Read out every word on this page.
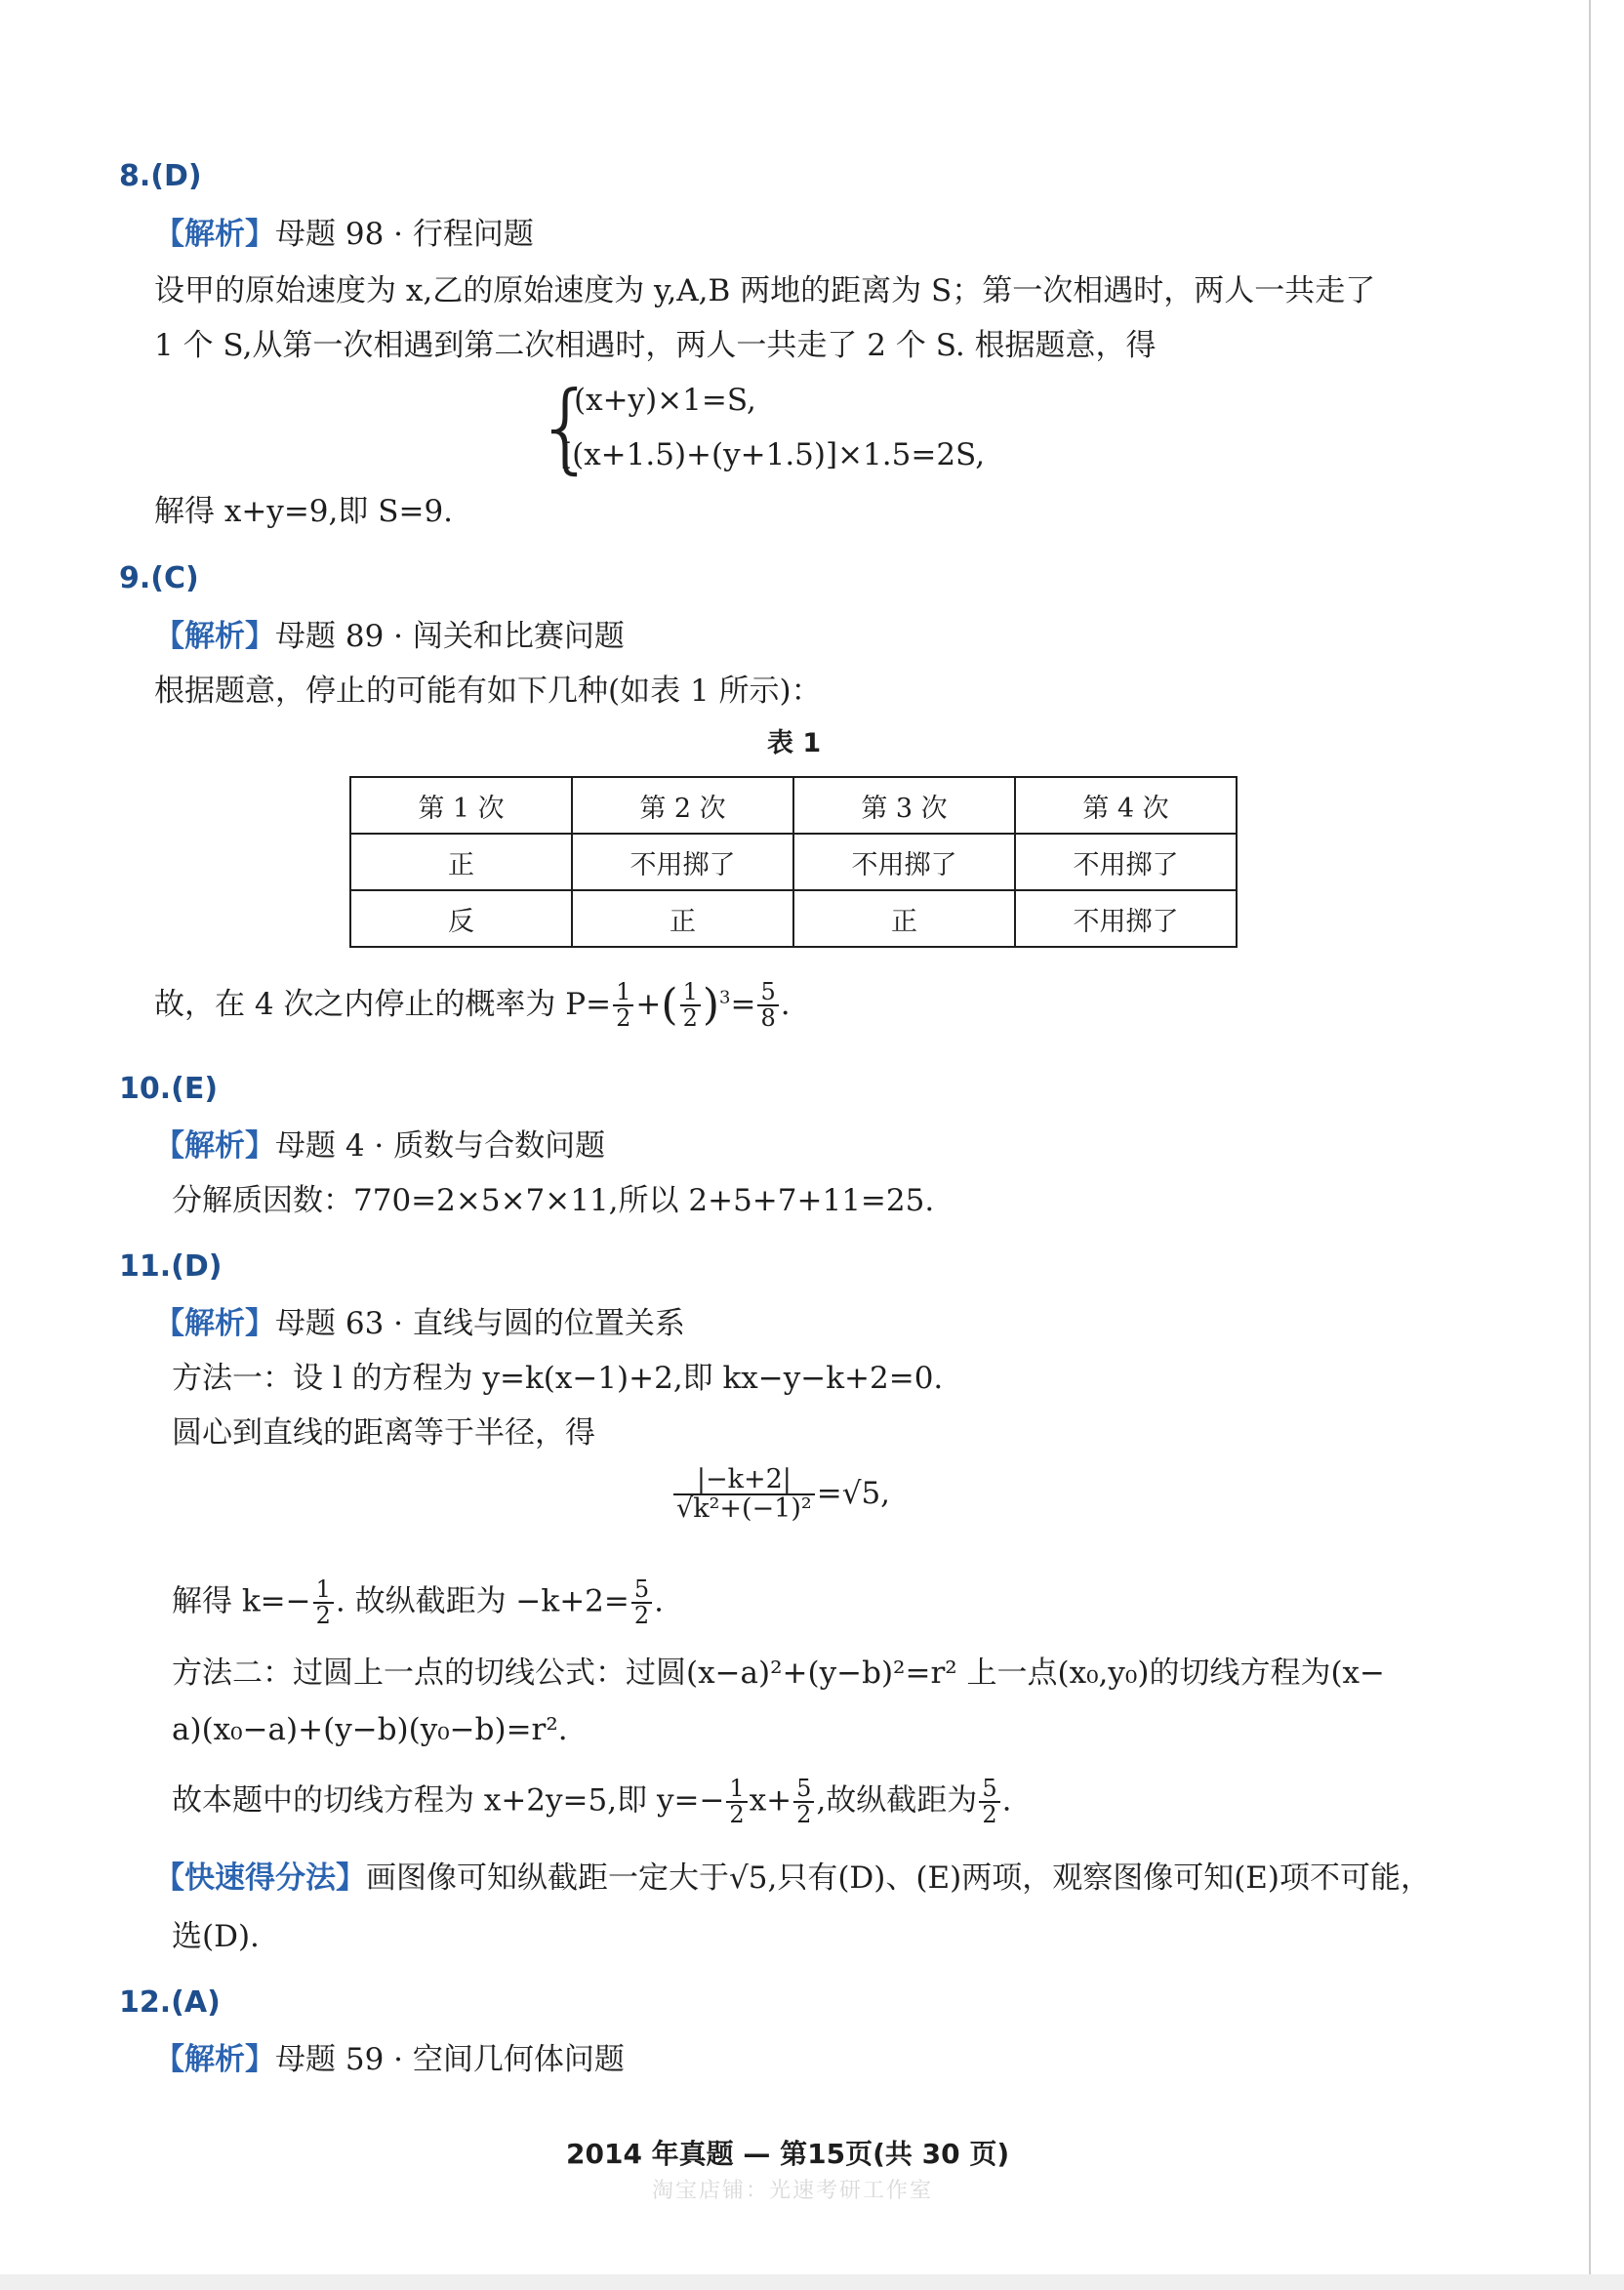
8.(D)
【解析】母题 98 · 行程问题
设甲的原始速度为 x,乙的原始速度为 y,A,B 两地的距离为 S；第一次相遇时，两人一共走了
1 个 S,从第一次相遇到第二次相遇时，两人一共走了 2 个 S. 根据题意，得
{
(x+y)×1=S,
[(x+1.5)+(y+1.5)]×1.5=2S,
解得 x+y=9,即 S=9.
9.(C)
【解析】母题 89 · 闯关和比赛问题
根据题意，停止的可能有如下几种(如表 1 所示)：
表 1
第 1 次	第 2 次	第 3 次	第 4 次
正	不用掷了	不用掷了	不用掷了
反	正	正	不用掷了
故，在 4 次之内停止的概率为 $P= \frac{1}{2}$ +( $\frac{1}{2} )^3= \frac{5}{8}$ .
10.(E)
【解析】母题 4 · 质数与合数问题
分解质因数：770=2×5×7×11,所以 2+5+7+11=25.
11.(D)
【解析】母题 63 · 直线与圆的位置关系
方法一：设 l 的方程为 y=k(x−1)+2,即 kx−y−k+2=0.
圆心到直线的距离等于半径，得
$\frac{|-k+2|}{\text{√k²+(−1)²}} =√5$,
解得 $k=- \frac{1}{2}$ . 故纵截距为 $-k+2= \frac{5}{2}$ .
方法二：过圆上一点的切线公式：过圆(x−a)²+(y−b)²=r² 上一点(x₀,y₀)的切线方程为(x−
a)(x₀−a)+(y−b)(y₀−b)=r².
故本题中的切线方程为 x+2y=5,即 $y=- \frac{1}{2} x+ \frac{5}{2}$ ,故纵截距为 $\frac{5}{2}$ .
【快速得分法】画图像可知纵截距一定大于√5,只有(D)、(E)两项，观察图像可知(E)项不可能，
选(D).
12.(A)
【解析】母题 59 · 空间几何体问题
2014 年真题 — 第15页(共 30 页)
淘宝店铺：光速考研工作室
